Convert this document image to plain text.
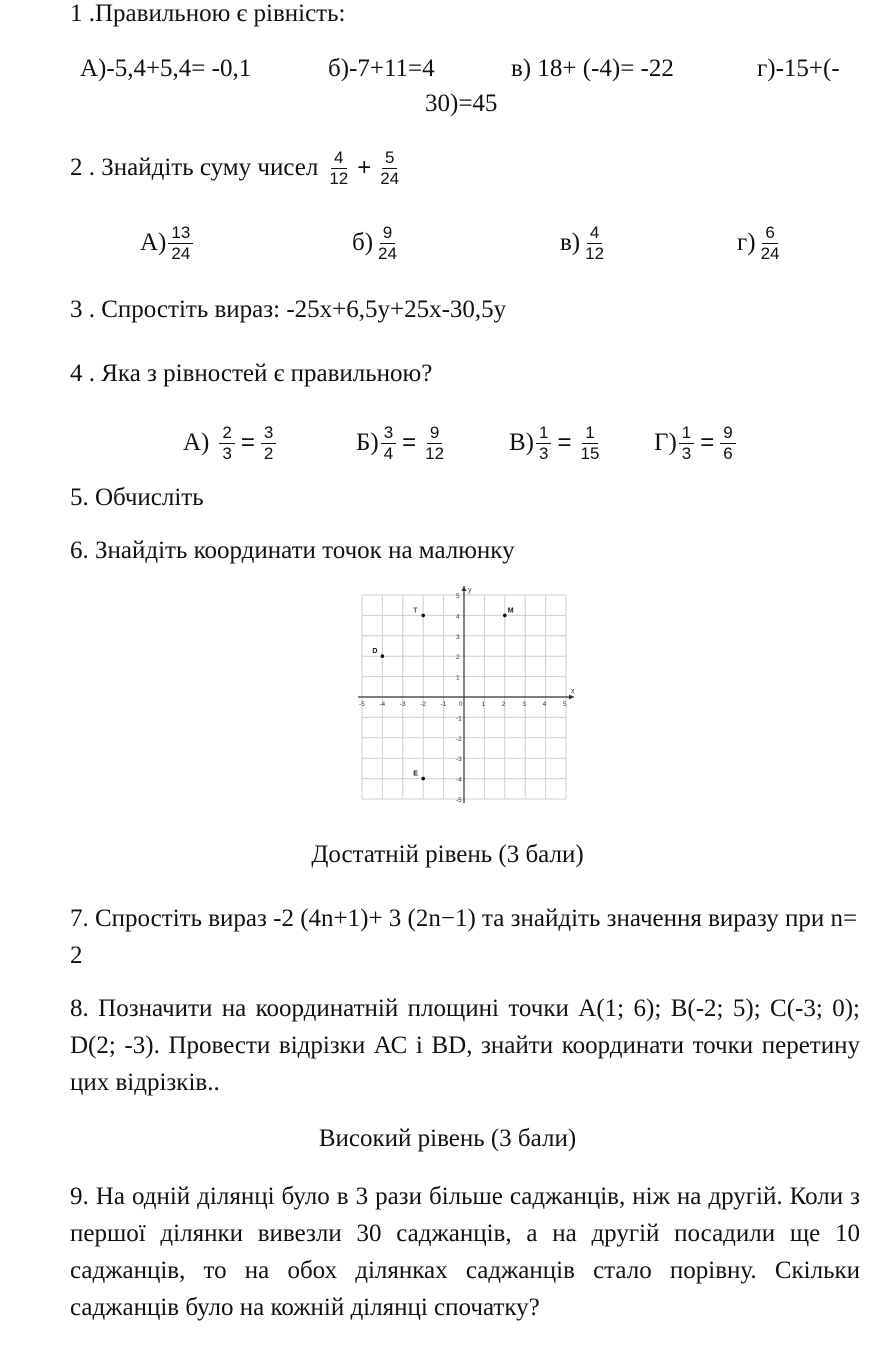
1 .Правильною є рівність:
А)-5,4+5,4= -0,1	б)-7+11=4	в) 18+ (-4)= -22	г)-15+(-
30)=45
2 . Знайдіть суму чисел $\frac{4}{12} + \frac{5}{24}$
$А) \frac{13}{24}$	$б) \frac{9}{24}$	$в) \frac{4}{12}$	$г) \frac{6}{24}$
3 . Спростіть вираз: -25x+6,5y+25x-30,5y
4 . Яка з рівностей є правильною?
$А) \frac{2}{3} = \frac{3}{2}$	$Б) \frac{3}{4} = \frac{9}{12} В) \frac{1}{3} = \frac{1}{15} Г) \frac{1}{3} = \frac{9}{6}$
5. Обчисліть
6. Знайдіть координати точок на малюнку
x
y
-5 -4 -3 -2 -1 0	1	2	3	4	5
5
4
3
2
1
-1
-2
-3
-4
-5
T	M
D
E
Достатній рівень (3 бали)
7. Спростіть вираз -2 (4n+1)+ 3 (2n−1) та знайдіть значення виразу при n= 2
8. Позначити на координатній площині точки А(1; 6); В(-2; 5); С(-3; 0); D(2; -3). Провести відрізки АС і BD, знайти координати точки перетину цих відрізків..
Високий рівень (3 бали)
9. На одній ділянці було в 3 рази більше саджанців, ніж на другій. Коли з першої ділянки вивезли 30 саджанців, а на другій посадили ще 10 саджанців, то на обох ділянках саджанців стало порівну. Скільки саджанців було на кожній ділянці спочатку?
